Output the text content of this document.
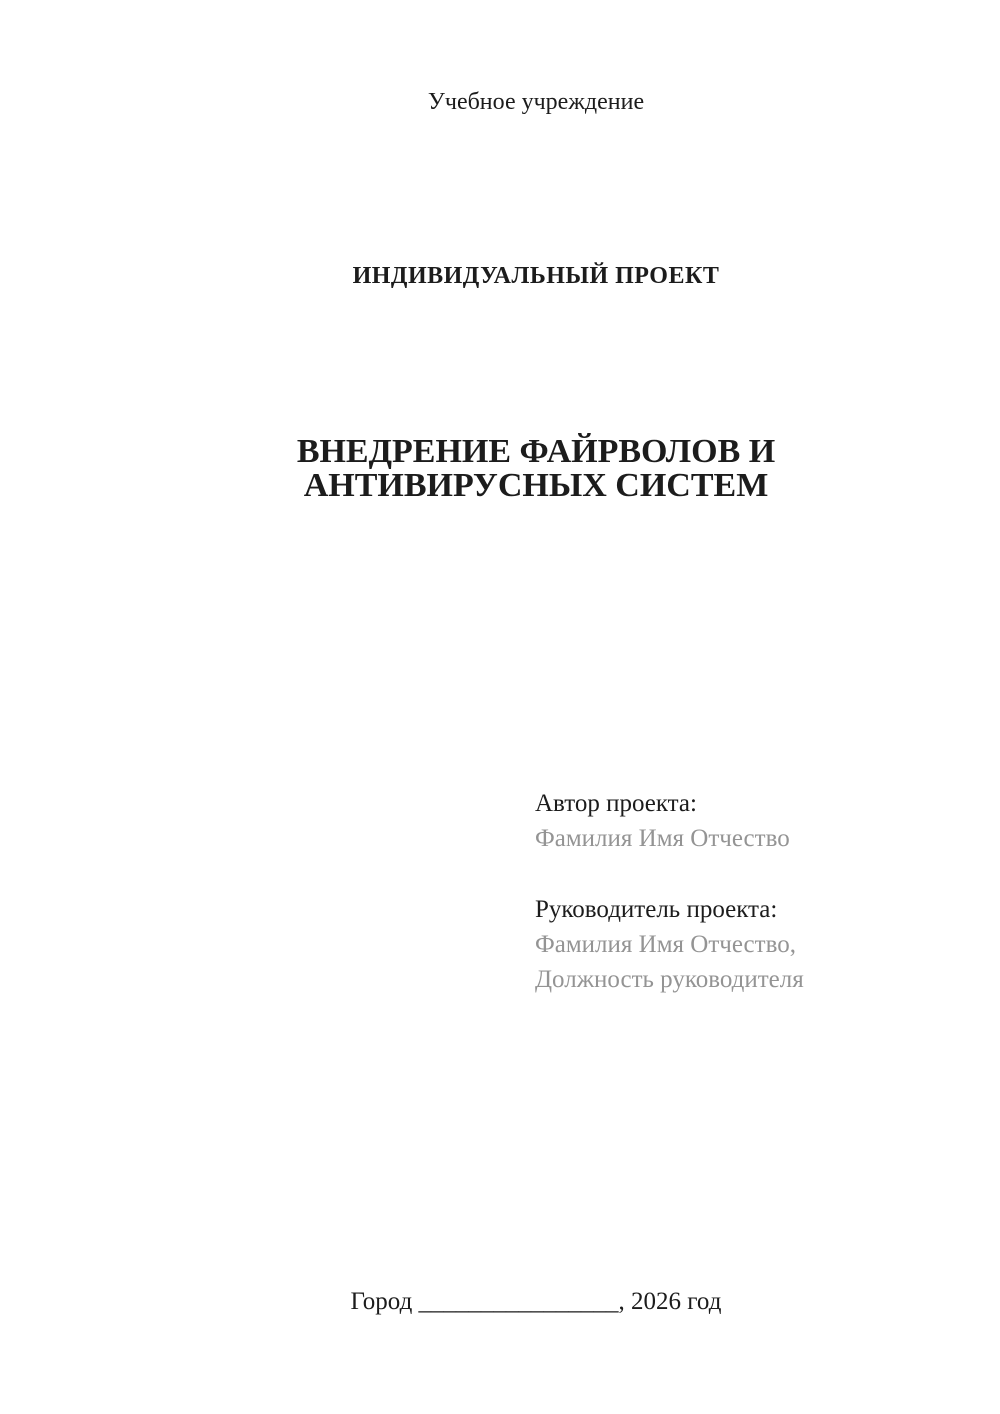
Учебное учреждение
ИНДИВИДУАЛЬНЫЙ ПРОЕКТ
ВНЕДРЕНИЕ ФАЙРВОЛОВ И
АНТИВИРУСНЫХ СИСТЕМ
Автор проекта:
Фамилия Имя Отчество
Руководитель проекта:
Фамилия Имя Отчество,
Должность руководителя
Город ________________, 2026 год
